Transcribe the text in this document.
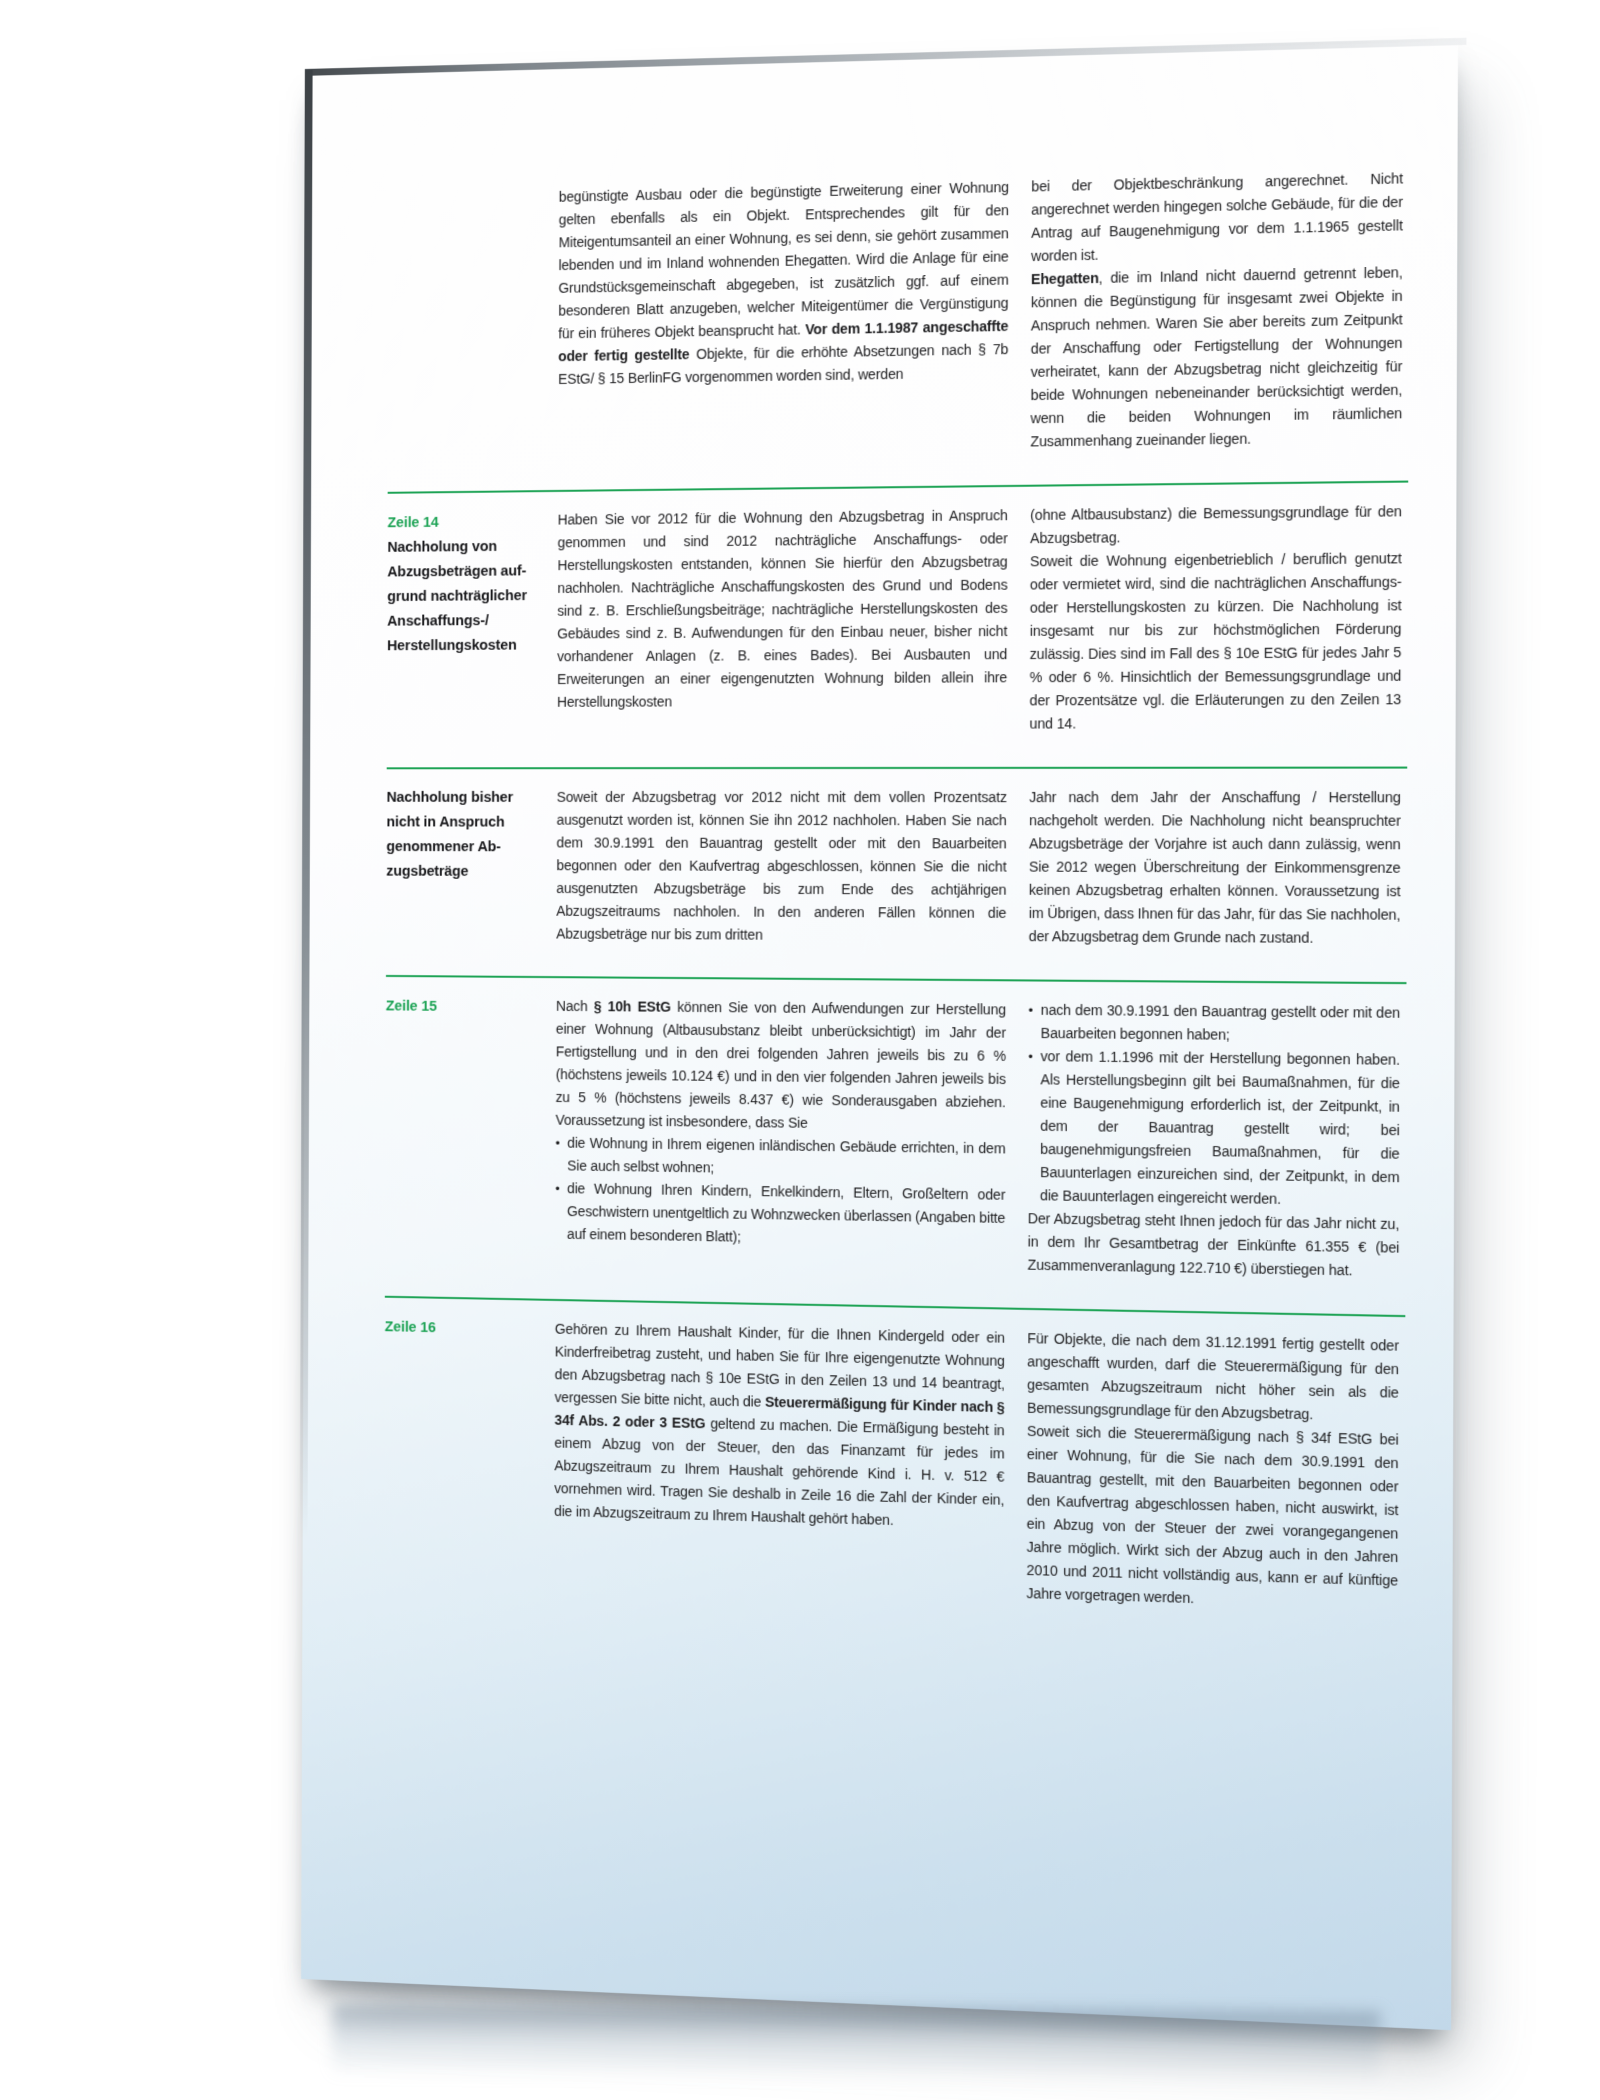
begünstigte Ausbau oder die begünstigte Erweiterung einer Wohnung gelten ebenfalls als ein Objekt. Entsprechendes gilt für den Miteigentumsanteil an einer Wohnung, es sei denn, sie gehört zusammen lebenden und im Inland wohnenden Ehegatten. Wird die Anlage für eine Grundstücksgemeinschaft abgegeben, ist zusätzlich ggf. auf einem besonderen Blatt anzugeben, welcher Miteigentümer die Vergünstigung für ein früheres Objekt beansprucht hat. Vor dem 1.1.1987 angeschaffte oder fertig gestellte Objekte, für die erhöhte Absetzungen nach § 7b EStG/ § 15 BerlinFG vorgenommen worden sind, werden
bei der Objektbeschränkung angerechnet. Nicht angerechnet werden hingegen solche Gebäude, für die der Antrag auf Baugenehmigung vor dem 1.1.1965 gestellt worden ist.
Ehegatten, die im Inland nicht dauernd getrennt leben, können die Begünstigung für insgesamt zwei Objekte in Anspruch nehmen. Waren Sie aber bereits zum Zeitpunkt der Anschaffung oder Fertigstellung der Wohnungen verheiratet, kann der Abzugsbetrag nicht gleichzeitig für beide Wohnungen nebeneinander berücksichtigt werden, wenn die beiden Wohnungen im räumlichen Zusammenhang zueinander liegen.
Zeile 14
Nachholung von
Abzugsbeträgen auf-
grund nachträglicher
Anschaffungs-/
Herstellungskosten
Haben Sie vor 2012 für die Wohnung den Abzugsbetrag in Anspruch genommen und sind 2012 nachträgliche Anschaffungs- oder Herstellungskosten entstanden, können Sie hierfür den Abzugsbetrag nachholen. Nachträgliche Anschaffungskosten des Grund und Bodens sind z. B. Erschließungsbeiträge; nachträgliche Herstellungskosten des Gebäudes sind z. B. Aufwendungen für den Einbau neuer, bisher nicht vorhandener Anlagen (z. B. eines Bades). Bei Ausbauten und Erweiterungen an einer eigengenutzten Wohnung bilden allein ihre Herstellungskosten
(ohne Altbausubstanz) die Bemessungsgrundlage für den Abzugsbetrag.
Soweit die Wohnung eigenbetrieblich / beruflich genutzt oder vermietet wird, sind die nachträglichen Anschaffungs- oder Herstellungskosten zu kürzen. Die Nachholung ist insgesamt nur bis zur höchstmöglichen Förderung zulässig. Dies sind im Fall des § 10e EStG für jedes Jahr 5 % oder 6 %. Hinsichtlich der Bemessungsgrundlage und der Prozentsätze vgl. die Erläuterungen zu den Zeilen 13 und 14.
Nachholung bisher
nicht in Anspruch
genommener Ab-
zugsbeträge
Soweit der Abzugsbetrag vor 2012 nicht mit dem vollen Prozentsatz ausgenutzt worden ist, können Sie ihn 2012 nachholen. Haben Sie nach dem 30.9.1991 den Bauantrag gestellt oder mit den Bauarbeiten begonnen oder den Kaufvertrag abgeschlossen, können Sie die nicht ausgenutzten Abzugsbeträge bis zum Ende des achtjährigen Abzugszeitraums nachholen. In den anderen Fällen können die Abzugsbeträge nur bis zum dritten
Jahr nach dem Jahr der Anschaffung / Herstellung nachgeholt werden. Die Nachholung nicht beanspruchter Abzugsbeträge der Vorjahre ist auch dann zulässig, wenn Sie 2012 wegen Überschreitung der Einkommensgrenze keinen Abzugsbetrag erhalten können. Voraussetzung ist im Übrigen, dass Ihnen für das Jahr, für das Sie nachholen, der Abzugsbetrag dem Grunde nach zustand.
Zeile 15	Nach § 10h EStG können Sie von den Aufwendungen zur Herstellung einer Wohnung (Altbausubstanz bleibt unberücksichtigt) im Jahr der Fertigstellung und in den drei folgenden Jahren jeweils bis zu 6 % (höchstens jeweils 10.124 €) und in den vier folgenden Jahren jeweils bis zu 5 % (höchstens jeweils 8.437 €) wie Sonderausgaben abziehen. Voraussetzung ist insbesondere, dass Sie
• die Wohnung in Ihrem eigenen inländischen Gebäude errichten, in dem Sie auch selbst wohnen;
• die Wohnung Ihren Kindern, Enkelkindern, Eltern, Großeltern oder Geschwistern unentgeltlich zu Wohnzwecken überlassen (Angaben bitte auf einem besonderen Blatt);
• nach dem 30.9.1991 den Bauantrag gestellt oder mit den Bauarbeiten begonnen haben;
• vor dem 1.1.1996 mit der Herstellung begonnen haben. Als Herstellungsbeginn gilt bei Baumaßnahmen, für die eine Baugenehmigung erforderlich ist, der Zeitpunkt, in dem der Bauantrag gestellt wird; bei baugenehmigungsfreien Baumaßnahmen, für die Bauunterlagen einzureichen sind, der Zeitpunkt, in dem die Bauunterlagen eingereicht werden.
Der Abzugsbetrag steht Ihnen jedoch für das Jahr nicht zu, in dem Ihr Gesamtbetrag der Einkünfte 61.355 € (bei Zusammenveranlagung 122.710 €) überstiegen hat.
Zeile 16	Gehören zu Ihrem Haushalt Kinder, für die Ihnen Kindergeld oder ein Kinderfreibetrag zusteht, und haben Sie für Ihre eigengenutzte Wohnung den Abzugsbetrag nach § 10e EStG in den Zeilen 13 und 14 beantragt, vergessen Sie bitte nicht, auch die Steuerermäßigung für Kinder nach § 34f Abs. 2 oder 3 EStG geltend zu machen. Die Ermäßigung besteht in einem Abzug von der Steuer, den das Finanzamt für jedes im Abzugszeitraum zu Ihrem Haushalt gehörende Kind i. H. v. 512 € vornehmen wird. Tragen Sie deshalb in Zeile 16 die Zahl der Kinder ein, die im Abzugszeitraum zu Ihrem Haushalt gehört haben.
Für Objekte, die nach dem 31.12.1991 fertig gestellt oder angeschafft wurden, darf die Steuerermäßigung für den gesamten Abzugszeitraum nicht höher sein als die Bemessungsgrundlage für den Abzugsbetrag.
Soweit sich die Steuerermäßigung nach § 34f EStG bei einer Wohnung, für die Sie nach dem 30.9.1991 den Bauantrag gestellt, mit den Bauarbeiten begonnen oder den Kaufvertrag abgeschlossen haben, nicht auswirkt, ist ein Abzug von der Steuer der zwei vorangegangenen Jahre möglich. Wirkt sich der Abzug auch in den Jahren 2010 und 2011 nicht vollständig aus, kann er auf künftige Jahre vorgetragen werden.
